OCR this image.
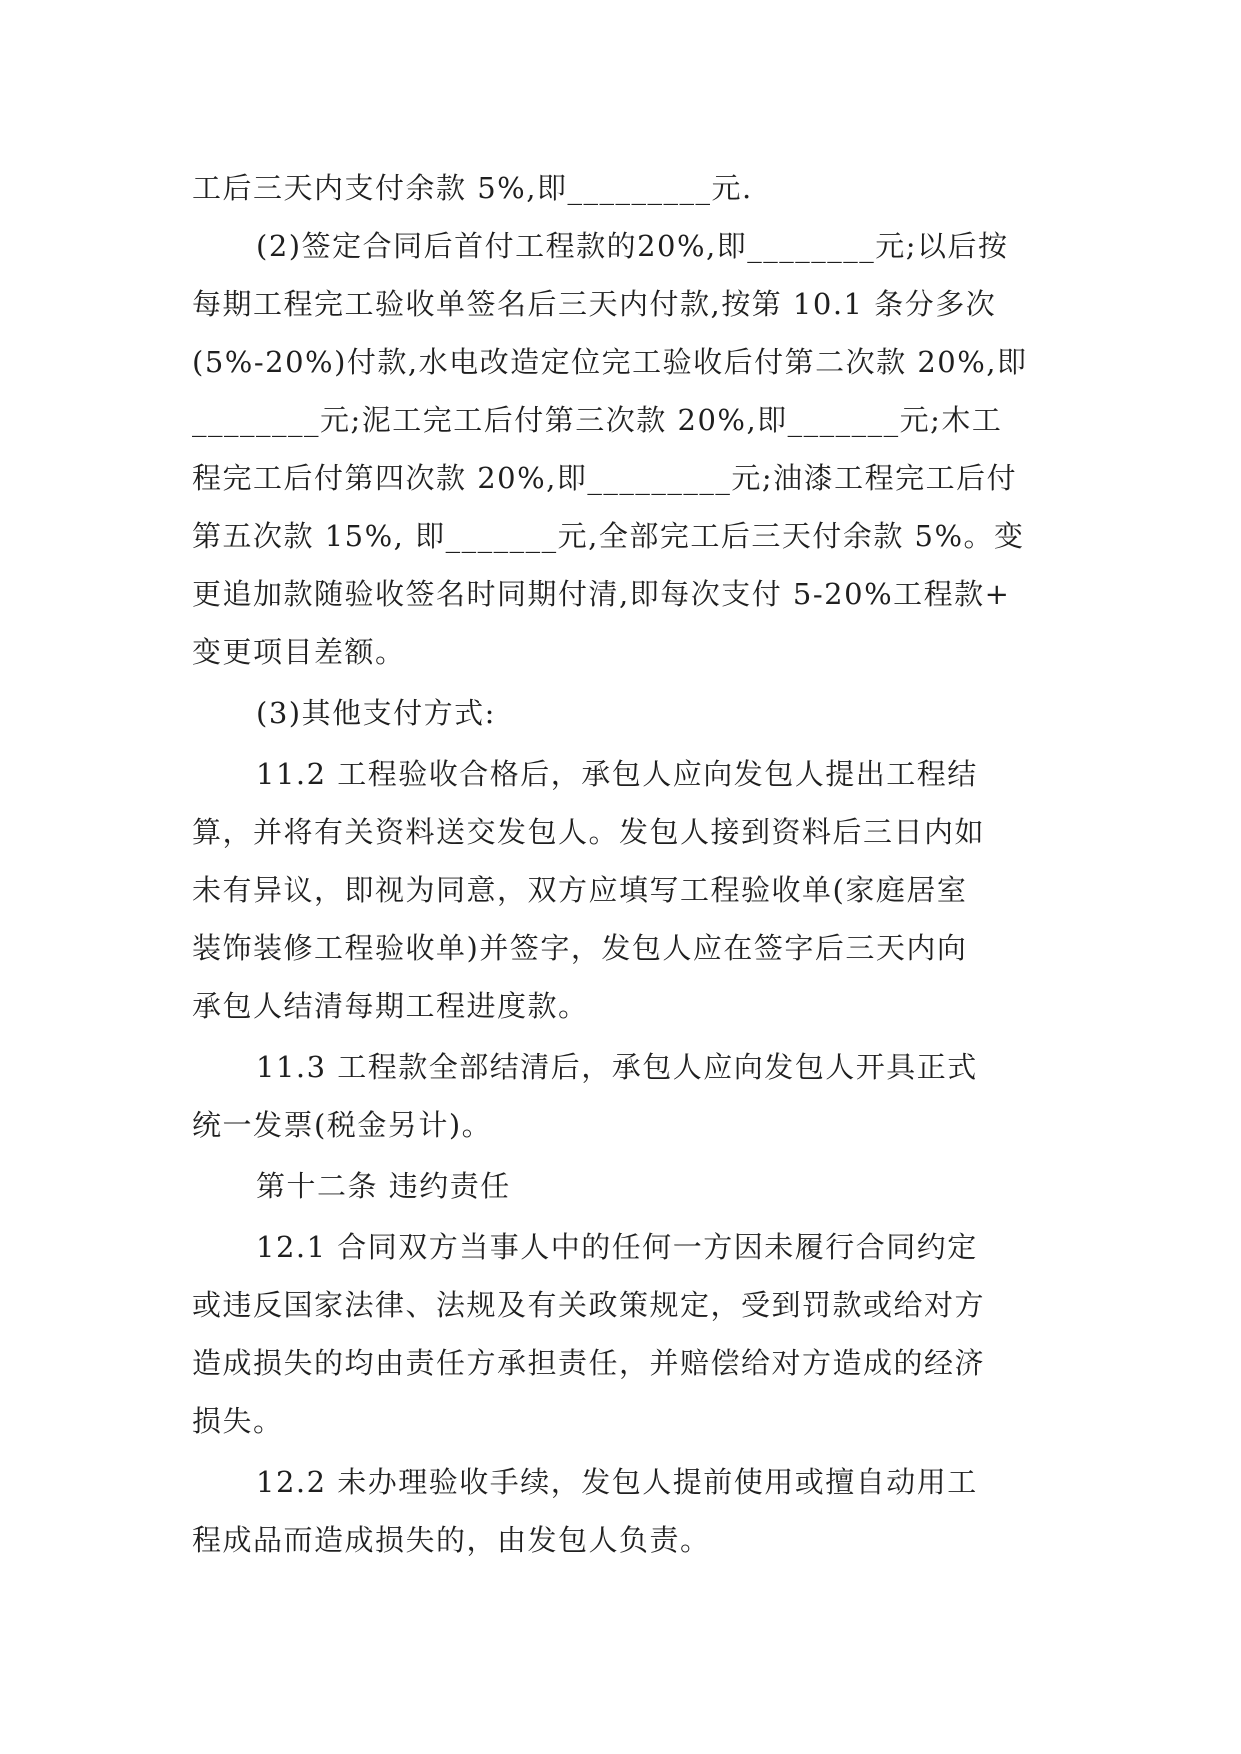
工后三天内支付余款 5%,即_________元.
(2)签定合同后首付工程款的20%,即________元;以后按
每期工程完工验收单签名后三天内付款,按第 10.1 条分多次
(5%-20%)付款,水电改造定位完工验收后付第二次款 20%,即
________元;泥工完工后付第三次款 20%,即_______元;木工
程完工后付第四次款 20%,即_________元;油漆工程完工后付
第五次款 15%, 即_______元,全部完工后三天付余款 5%。变
更追加款随验收签名时同期付清,即每次支付 5-20%工程款+
变更项目差额。
(3)其他支付方式:
11.2 工程验收合格后，承包人应向发包人提出工程结
算，并将有关资料送交发包人。发包人接到资料后三日内如
未有异议，即视为同意，双方应填写工程验收单(家庭居室
装饰装修工程验收单)并签字，发包人应在签字后三天内向
承包人结清每期工程进度款。
11.3 工程款全部结清后，承包人应向发包人开具正式
统一发票(税金另计)。
第十二条 违约责任
12.1 合同双方当事人中的任何一方因未履行合同约定
或违反国家法律、法规及有关政策规定，受到罚款或给对方
造成损失的均由责任方承担责任，并赔偿给对方造成的经济
损失。
12.2 未办理验收手续，发包人提前使用或擅自动用工
程成品而造成损失的，由发包人负责。
